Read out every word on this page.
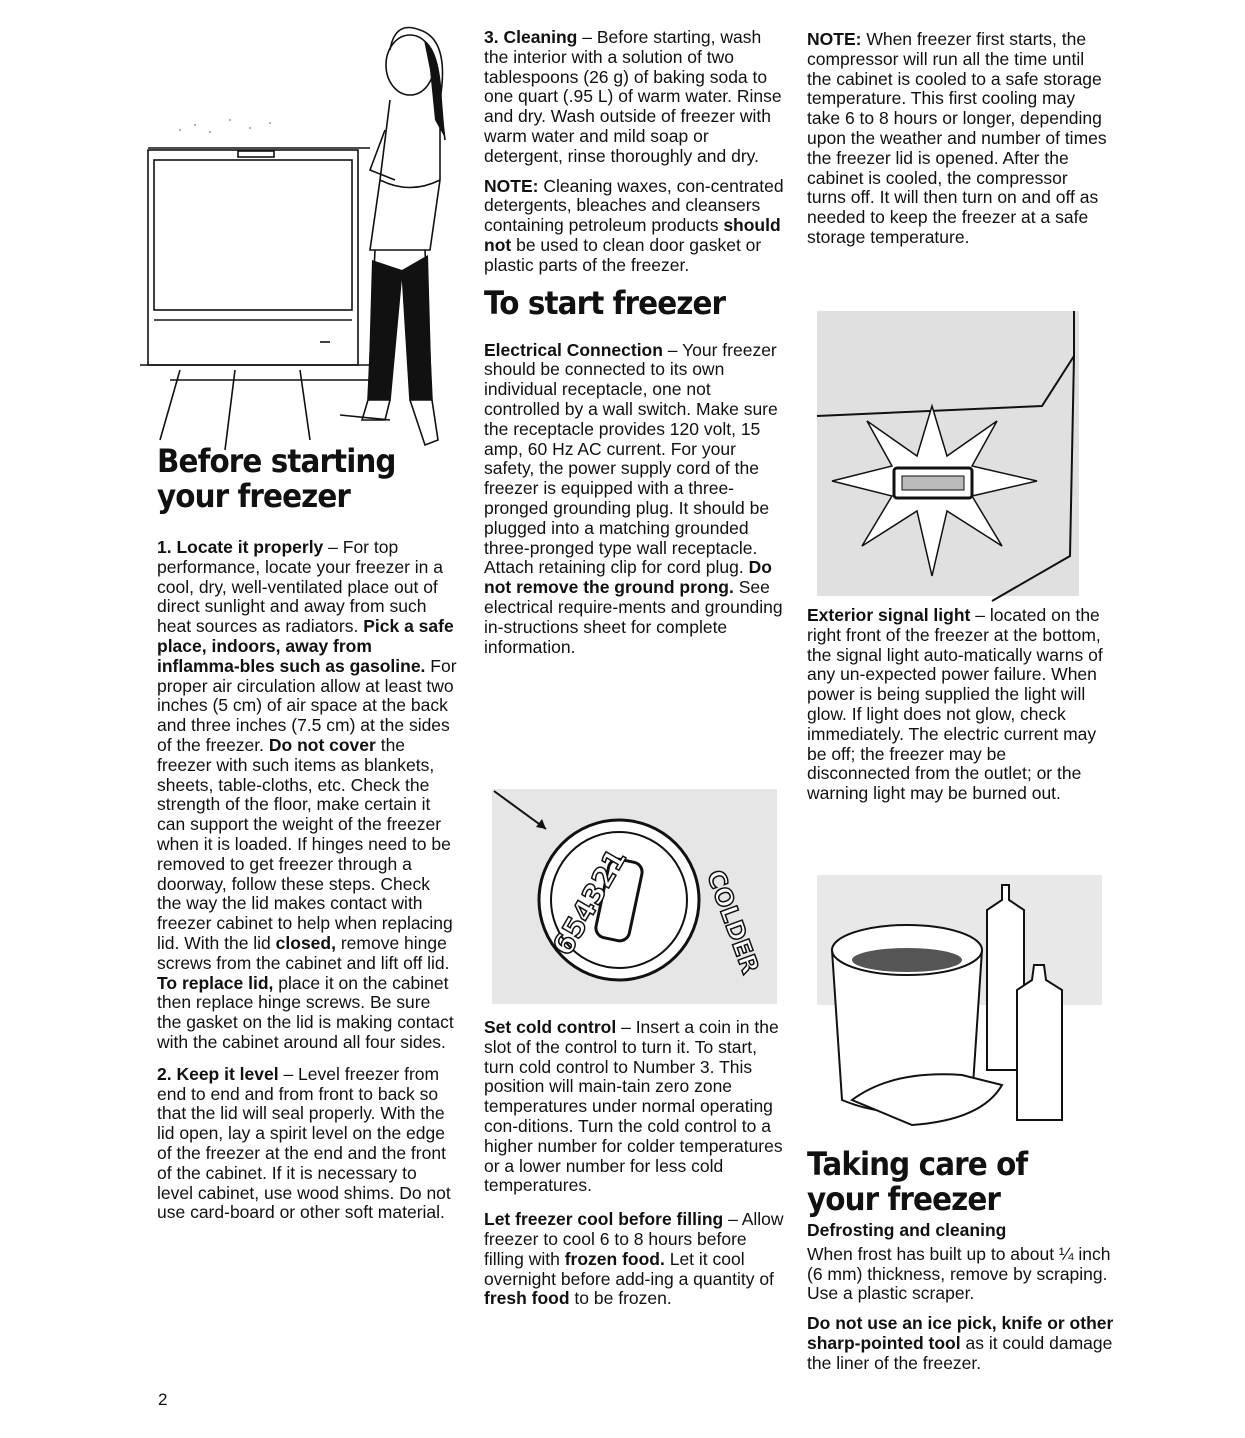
Before starting
your freezer

1. Locate it properly – For top performance, locate your freezer in a cool, dry, well-ventilated place out of direct sunlight and away from such heat sources as radiators. Pick a safe place, indoors, away from inflamma-bles such as gasoline. For proper air circulation allow at least two inches (5 cm) of air space at the back and three inches (7.5 cm) at the sides of the freezer. Do not cover the freezer with such items as blankets, sheets, table-cloths, etc. Check the strength of the floor, make certain it can support the weight of the freezer when it is loaded. If hinges need to be removed to get freezer through a doorway, follow these steps. Check the way the lid makes contact with freezer cabinet to help when replacing lid. With the lid closed, remove hinge screws from the cabinet and lift off lid. To replace lid, place it on the cabinet then replace hinge screws. Be sure the gasket on the lid is making contact with the cabinet around all four sides.

2. Keep it level – Level freezer from end to end and from front to back so that the lid will seal properly. With the lid open, lay a spirit level on the edge of the freezer at the end and the front of the cabinet. If it is necessary to level cabinet, use wood shims. Do not use card-board or other soft material.

3. Cleaning – Before starting, wash the interior with a solution of two tablespoons (26 g) of baking soda to one quart (.95 L) of warm water. Rinse and dry. Wash outside of freezer with warm water and mild soap or detergent, rinse thoroughly and dry.

NOTE: Cleaning waxes, con-centrated detergents, bleaches and cleansers containing petroleum products should not be used to clean door gasket or plastic parts of the freezer.

To start freezer

Electrical Connection – Your freezer should be connected to its own individual receptacle, one not controlled by a wall switch. Make sure the receptacle provides 120 volt, 15 amp, 60 Hz AC current. For your safety, the power supply cord of the freezer is equipped with a three-pronged grounding plug. It should be plugged into a matching grounded three-pronged type wall receptacle. Attach retaining clip for cord plug. Do not remove the ground prong. See electrical require-ments and grounding in-structions sheet for complete information.

654321	COLDER

Set cold control – Insert a coin in the slot of the control to turn it. To start, turn cold control to Number 3. This position will main-tain zero zone temperatures under normal operating con-ditions. Turn the cold control to a higher number for colder temperatures or a lower number for less cold temperatures.

Let freezer cool before filling – Allow freezer to cool 6 to 8 hours before filling with frozen food. Let it cool overnight before add-ing a quantity of fresh food to be frozen.

NOTE: When freezer first starts, the compressor will run all the time until the cabinet is cooled to a safe storage temperature. This first cooling may take 6 to 8 hours or longer, depending upon the weather and number of times the freezer lid is opened. After the cabinet is cooled, the compressor turns off. It will then turn on and off as needed to keep the freezer at a safe storage temperature.

Exterior signal light – located on the right front of the freezer at the bottom, the signal light auto-matically warns of any un-expected power failure. When power is being supplied the light will glow. If light does not glow, check immediately. The electric current may be off; the freezer may be disconnected from the outlet; or the warning light may be burned out.

Taking care of
your freezer
Defrosting and cleaning

When frost has built up to about ¼ inch (6 mm) thickness, remove by scraping. Use a plastic scraper.

Do not use an ice pick, knife or other sharp-pointed tool as it could damage the liner of the freezer.

2
